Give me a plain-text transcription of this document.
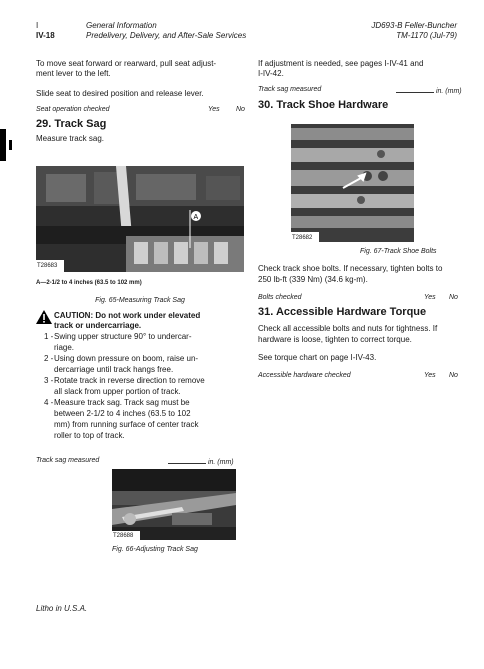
I
IV-18
General Information
Predelivery, Delivery, and After-Sale Services
JD693-B Feller-Buncher
TM-1170 (Jul-79)
To move seat forward or rearward, pull seat adjust-
ment lever to the left.
Slide seat to desired position and release lever.
Seat operation checked	Yes No
29. Track Sag
Measure track sag.
A
T28683
A—2-1/2 to 4 inches (63.5 to 102 mm)
Fig. 65-Measuring Track Sag
CAUTION: Do not work under elevated
track or undercarriage.
1 - Swing upper structure 90° to undercar-
riage.
2 - Using down pressure on boom, raise un-
dercarriage until track hangs free.
3 - Rotate track in reverse direction to remove
all slack from upper portion of track.
4 - Measure track sag. Track sag must be
between 2-1/2 to 4 inches (63.5 to 102
mm) from running surface of center track
roller to top of track.
Track sag measured	in. (mm)
T28688
Fig. 66-Adjusting Track Sag
Litho in U.S.A.
If adjustment is needed, see pages I-IV-41 and
I-IV-42.
Track sag measured	in. (mm)
30. Track Shoe Hardware
T28682
Fig. 67-Track Shoe Bolts
Check track shoe bolts. If necessary, tighten bolts to
250 lb-ft (339 Nm) (34.6 kg-m).
Bolts checked	Yes No
31. Accessible Hardware Torque
Check all accessible bolts and nuts for tightness. If
hardware is loose, tighten to correct torque.
See torque chart on page I-IV-43.
Accessible hardware checked	Yes No
